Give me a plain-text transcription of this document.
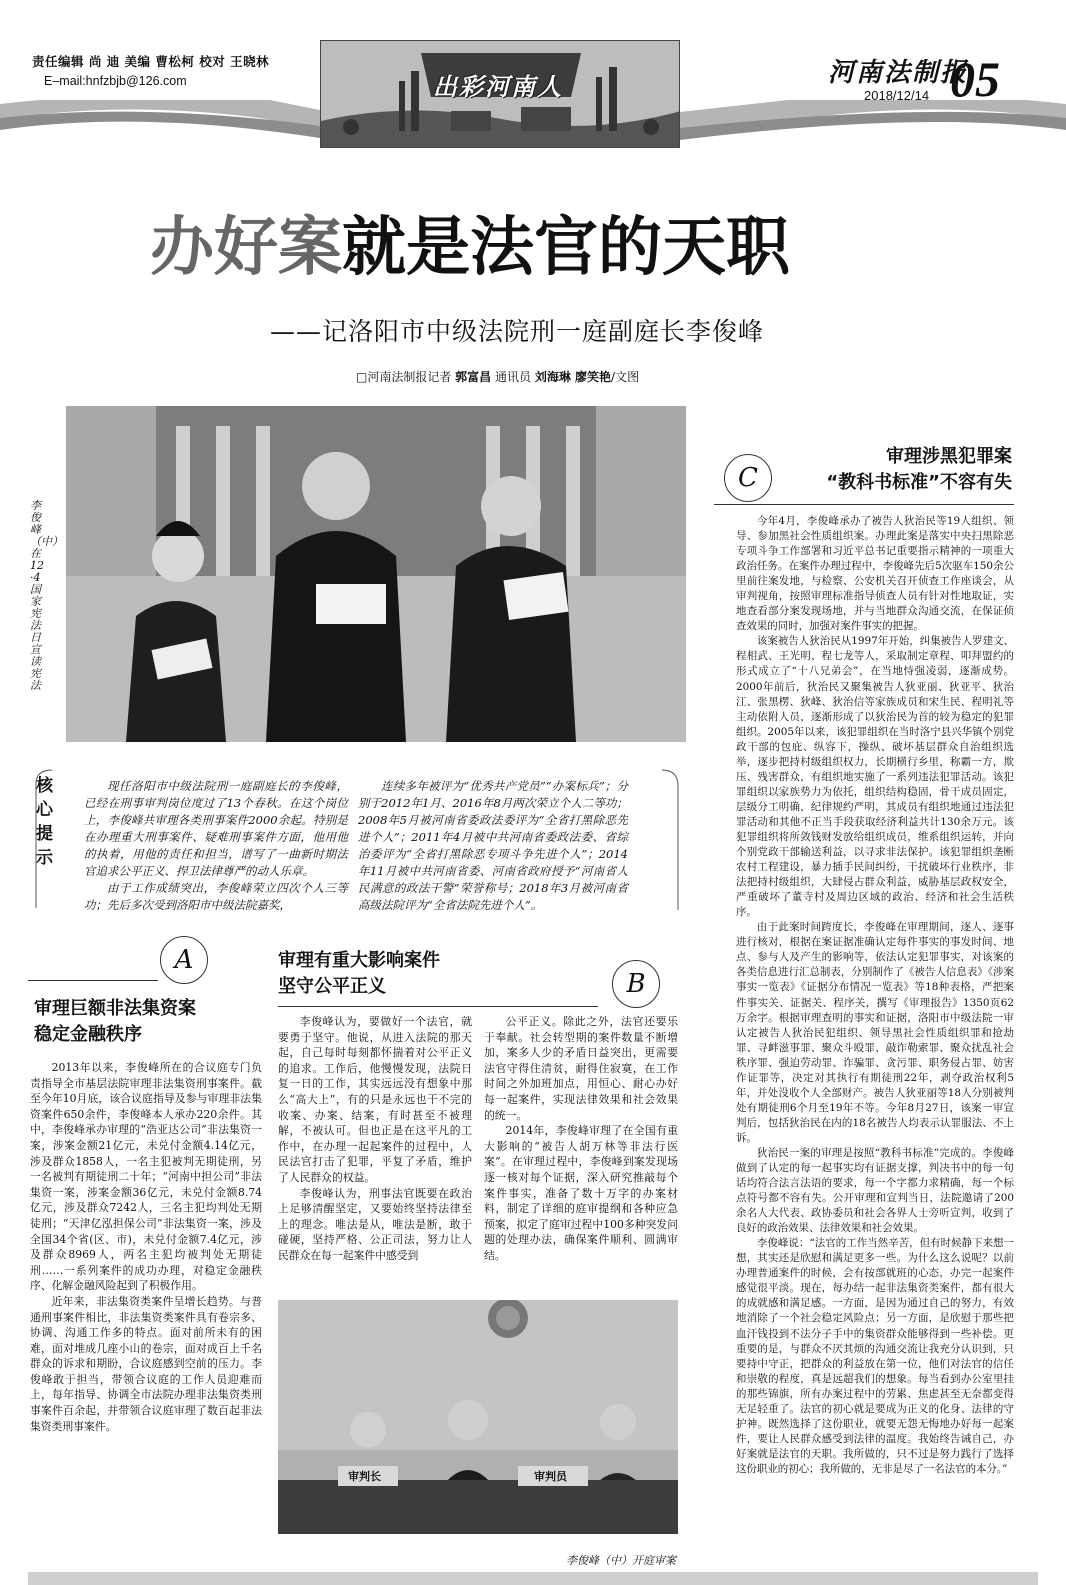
责任编辑 尚 迪 美编 曹松柯 校对 王晓林
E–mail:hnfzbjb@126.com	出彩河南人	河南法制报
2018/12/14 05
办好案就是法官的天职
——记洛阳市中级法院刑一庭副庭长李俊峰
□河南法制报记者 郭富昌 通讯员 刘海琳 廖笑艳/文图
李俊峰（中）在12·4国家宪法日宣读宪法
核心提示

现任洛阳市中级法院刑一庭副庭长的李俊峰，已经在刑事审判岗位度过了13个春秋。在这个岗位上，李俊峰共审理各类刑事案件2000余起。特别是在办理重大刑事案件、疑难刑事案件方面，他用他的执着，用他的责任和担当，谱写了一曲新时期法官追求公平正义、捍卫法律尊严的动人乐章。

由于工作成绩突出，李俊峰荣立四次个人三等功；先后多次受到洛阳市中级法院嘉奖，

连续多年被评为“优秀共产党员”“办案标兵”；分别于2012年1月、2016年8月两次荣立个人二等功；2008年5月被河南省委政法委评为“全省打黑除恶先进个人”；2011年4月被中共河南省委政法委、省综治委评为“全省打黑除恶专项斗争先进个人”；2014年11月被中共河南省委、河南省政府授予“河南省人民满意的政法干警”荣誉称号；2018年3月被河南省高级法院评为“全省法院先进个人”。

A
审理巨额非法集资案
稳定金融秩序

2013年以来，李俊峰所在的合议庭专门负责指导全市基层法院审理非法集资刑事案件。截至今年10月底，该合议庭指导及参与审理非法集资案件650余件，李俊峰本人承办220余件。其中，李俊峰承办审理的“浩亚达公司”非法集资一案，涉案金额21亿元，未兑付金额4.14亿元，涉及群众1858人，一名主犯被判无期徒刑，另一名被判有期徒刑二十年；“河南中担公司”非法集资一案，涉案金额36亿元，未兑付金额8.74亿元，涉及群众7242人，三名主犯均判处无期徒刑；“天津亿泓担保公司”非法集资一案，涉及全国34个省(区、市)，未兑付金额7.4亿元，涉及群众8969人，两名主犯均被判处无期徒刑……一系列案件的成功办理，对稳定金融秩序、化解金融风险起到了积极作用。

近年来，非法集资类案件呈增长趋势。与普通刑事案件相比，非法集资类案件具有卷宗多、协调、沟通工作多的特点。面对前所未有的困难，面对堆成几座小山的卷宗，面对成百上千名群众的诉求和期盼，合议庭感到空前的压力。李俊峰敢于担当，带领合议庭的工作人员迎难而上，每年指导、协调全市法院办理非法集资类刑事案件百余起，并带领合议庭审理了数百起非法集资类刑事案件。

审理有重大影响案件
坚守公平正义	B

李俊峰认为，要做好一个法官，就要勇于坚守。他说，从进入法院的那天起，自己每时每刻都怀揣着对公平正义的追求。工作后，他慢慢发现，法院日复一日的工作，其实远远没有想象中那么“高大上”，有的只是永远也干不完的收案、办案、结案，有时甚至不被理解，不被认可。但也正是在这平凡的工作中，在办理一起起案件的过程中，人民法官打击了犯罪，平复了矛盾，维护了人民群众的权益。

李俊峰认为，刑事法官既要在政治上足够清醒坚定，又要始终坚持法律至上的理念。唯法是从，唯法是断，敢于碰硬，坚持严格、公正司法，努力让人民群众在每一起案件中感受到

公平正义。除此之外，法官还要乐于奉献。社会转型期的案件数量不断增加，案多人少的矛盾日益突出，更需要法官守得住清贫，耐得住寂寞，在工作时间之外加班加点，用恒心、耐心办好每一起案件，实现法律效果和社会效果的统一。

2014年，李俊峰审理了在全国有重大影响的“被告人胡万林等非法行医案”。在审理过程中，李俊峰到案发现场逐一核对每个证据，深入研究推敲每个案件事实，准备了数十万字的办案材料，制定了详细的庭审提纲和各种应急预案，拟定了庭审过程中100多种突发问题的处理办法，确保案件顺利、圆满审结。

审判长	审判员
李俊峰（中）开庭审案
审理涉黑犯罪案
“教科书标准”不容有失
C

今年4月，李俊峰承办了被告人狄治民等19人组织、领导、参加黑社会性质组织案。办理此案是落实中央扫黑除恶专项斗争工作部署和习近平总书记重要指示精神的一项重大政治任务。在案件办理过程中，李俊峰先后5次驱车150余公里前往案发地，与检察、公安机关召开侦查工作座谈会，从审判视角，按照审理标准指导侦查人员有针对性地取证，实地查看部分案发现场地，并与当地群众沟通交流，在保证侦查效果的同时，加强对案件事实的把握。

该案被告人狄治民从1997年开始，纠集被告人罗建文、程相武、王光明、程七龙等人，采取制定章程、叩拜盟约的形式成立了“十八兄弟会”，在当地恃强凌弱，逐渐成势。2000年前后，狄治民又聚集被告人狄亚丽、狄亚平、狄治江、张黑楞、狄峰、狄治信等家族成员和宋生民、程明礼等主动依附人员，逐渐形成了以狄治民为首的较为稳定的犯罪组织。2005年以来，该犯罪组织在当时洛宁县兴华镇个别党政干部的包庇、纵容下，操纵、破坏基层群众自治组织选举，逐步把持村级组织权力，长期横行乡里，称霸一方，欺压、残害群众，有组织地实施了一系列违法犯罪活动。该犯罪组织以家族势力为依托，组织结构稳固，骨干成员固定，层级分工明确，纪律规约严明，其成员有组织地通过违法犯罪活动和其他不正当手段获取经济利益共计130余万元。该犯罪组织将所敛钱财发放给组织成员，维系组织运转，并向个别党政干部输送利益，以寻求非法保护。该犯罪组织垄断农村工程建设，暴力插手民间纠纷，干扰破坏行业秩序，非法把持村级组织，大肆侵占群众利益，威胁基层政权安全，严重破坏了董寺村及周边区域的政治、经济和社会生活秩序。

由于此案时间跨度长，李俊峰在审理期间，逐人、逐事进行核对，根据在案证据准确认定每件事实的事发时间、地点、参与人及产生的影响等，依法认定犯罪事实，对该案的各类信息进行汇总制表，分别制作了《被告人信息表》《涉案事实一览表》《证据分布情况一览表》等18种表格，严把案件事实关、证据关、程序关，撰写《审理报告》1350页62万余字。根据审理查明的事实和证据，洛阳市中级法院一审认定被告人狄治民犯组织、领导黑社会性质组织罪和抢劫罪、寻衅滋事罪、聚众斗殴罪、敲诈勒索罪、聚众扰乱社会秩序罪、强迫劳动罪、诈骗罪、贪污罪、职务侵占罪、妨害作证罪等，决定对其执行有期徒刑22年，剥夺政治权利5年，并处没收个人全部财产。被告人狄亚丽等18人分别被判处有期徒刑6个月至19年不等。今年8月27日，该案一审宣判后，包括狄治民在内的18名被告人均表示认罪服法、不上诉。

狄治民一案的审理是按照“教科书标准”完成的。李俊峰做到了认定的每一起事实均有证据支撑，判决书中的每一句话均符合法言法语的要求，每一个字都力求精确，每一个标点符号都不容有失。公开审理和宣判当日，法院邀请了200余名人大代表、政协委员和社会各界人士旁听宣判，收到了良好的政治效果、法律效果和社会效果。

李俊峰说：“法官的工作当然辛苦，但有时候静下来想一想，其实还是欣慰和满足更多一些。为什么这么说呢？以前办理普通案件的时候，会有按部就班的心态，办完一起案件感觉很平淡。现在，每办结一起非法集资类案件，都有很大的成就感和满足感。一方面，是因为通过自己的努力，有效地消除了一个社会稳定风险点；另一方面，是欣慰于那些把血汗钱投到不法分子手中的集资群众能够得到一些补偿。更重要的是，与群众不厌其烦的沟通交流让我充分认识到，只要持中守正，把群众的利益放在第一位，他们对法官的信任和崇敬的程度，真是远超我们的想象。每当看到办公室里挂的那些锦旗，所有办案过程中的劳累、焦虑甚至无奈都变得无足轻重了。法官的初心就是要成为正义的化身、法律的守护神。既然选择了这份职业，就要无怨无悔地办好每一起案件，要让人民群众感受到法律的温度。我始终告诫自己，办好案就是法官的天职。我所做的，只不过是努力践行了选择这份职业的初心；我所做的，无非是尽了一名法官的本分。”
